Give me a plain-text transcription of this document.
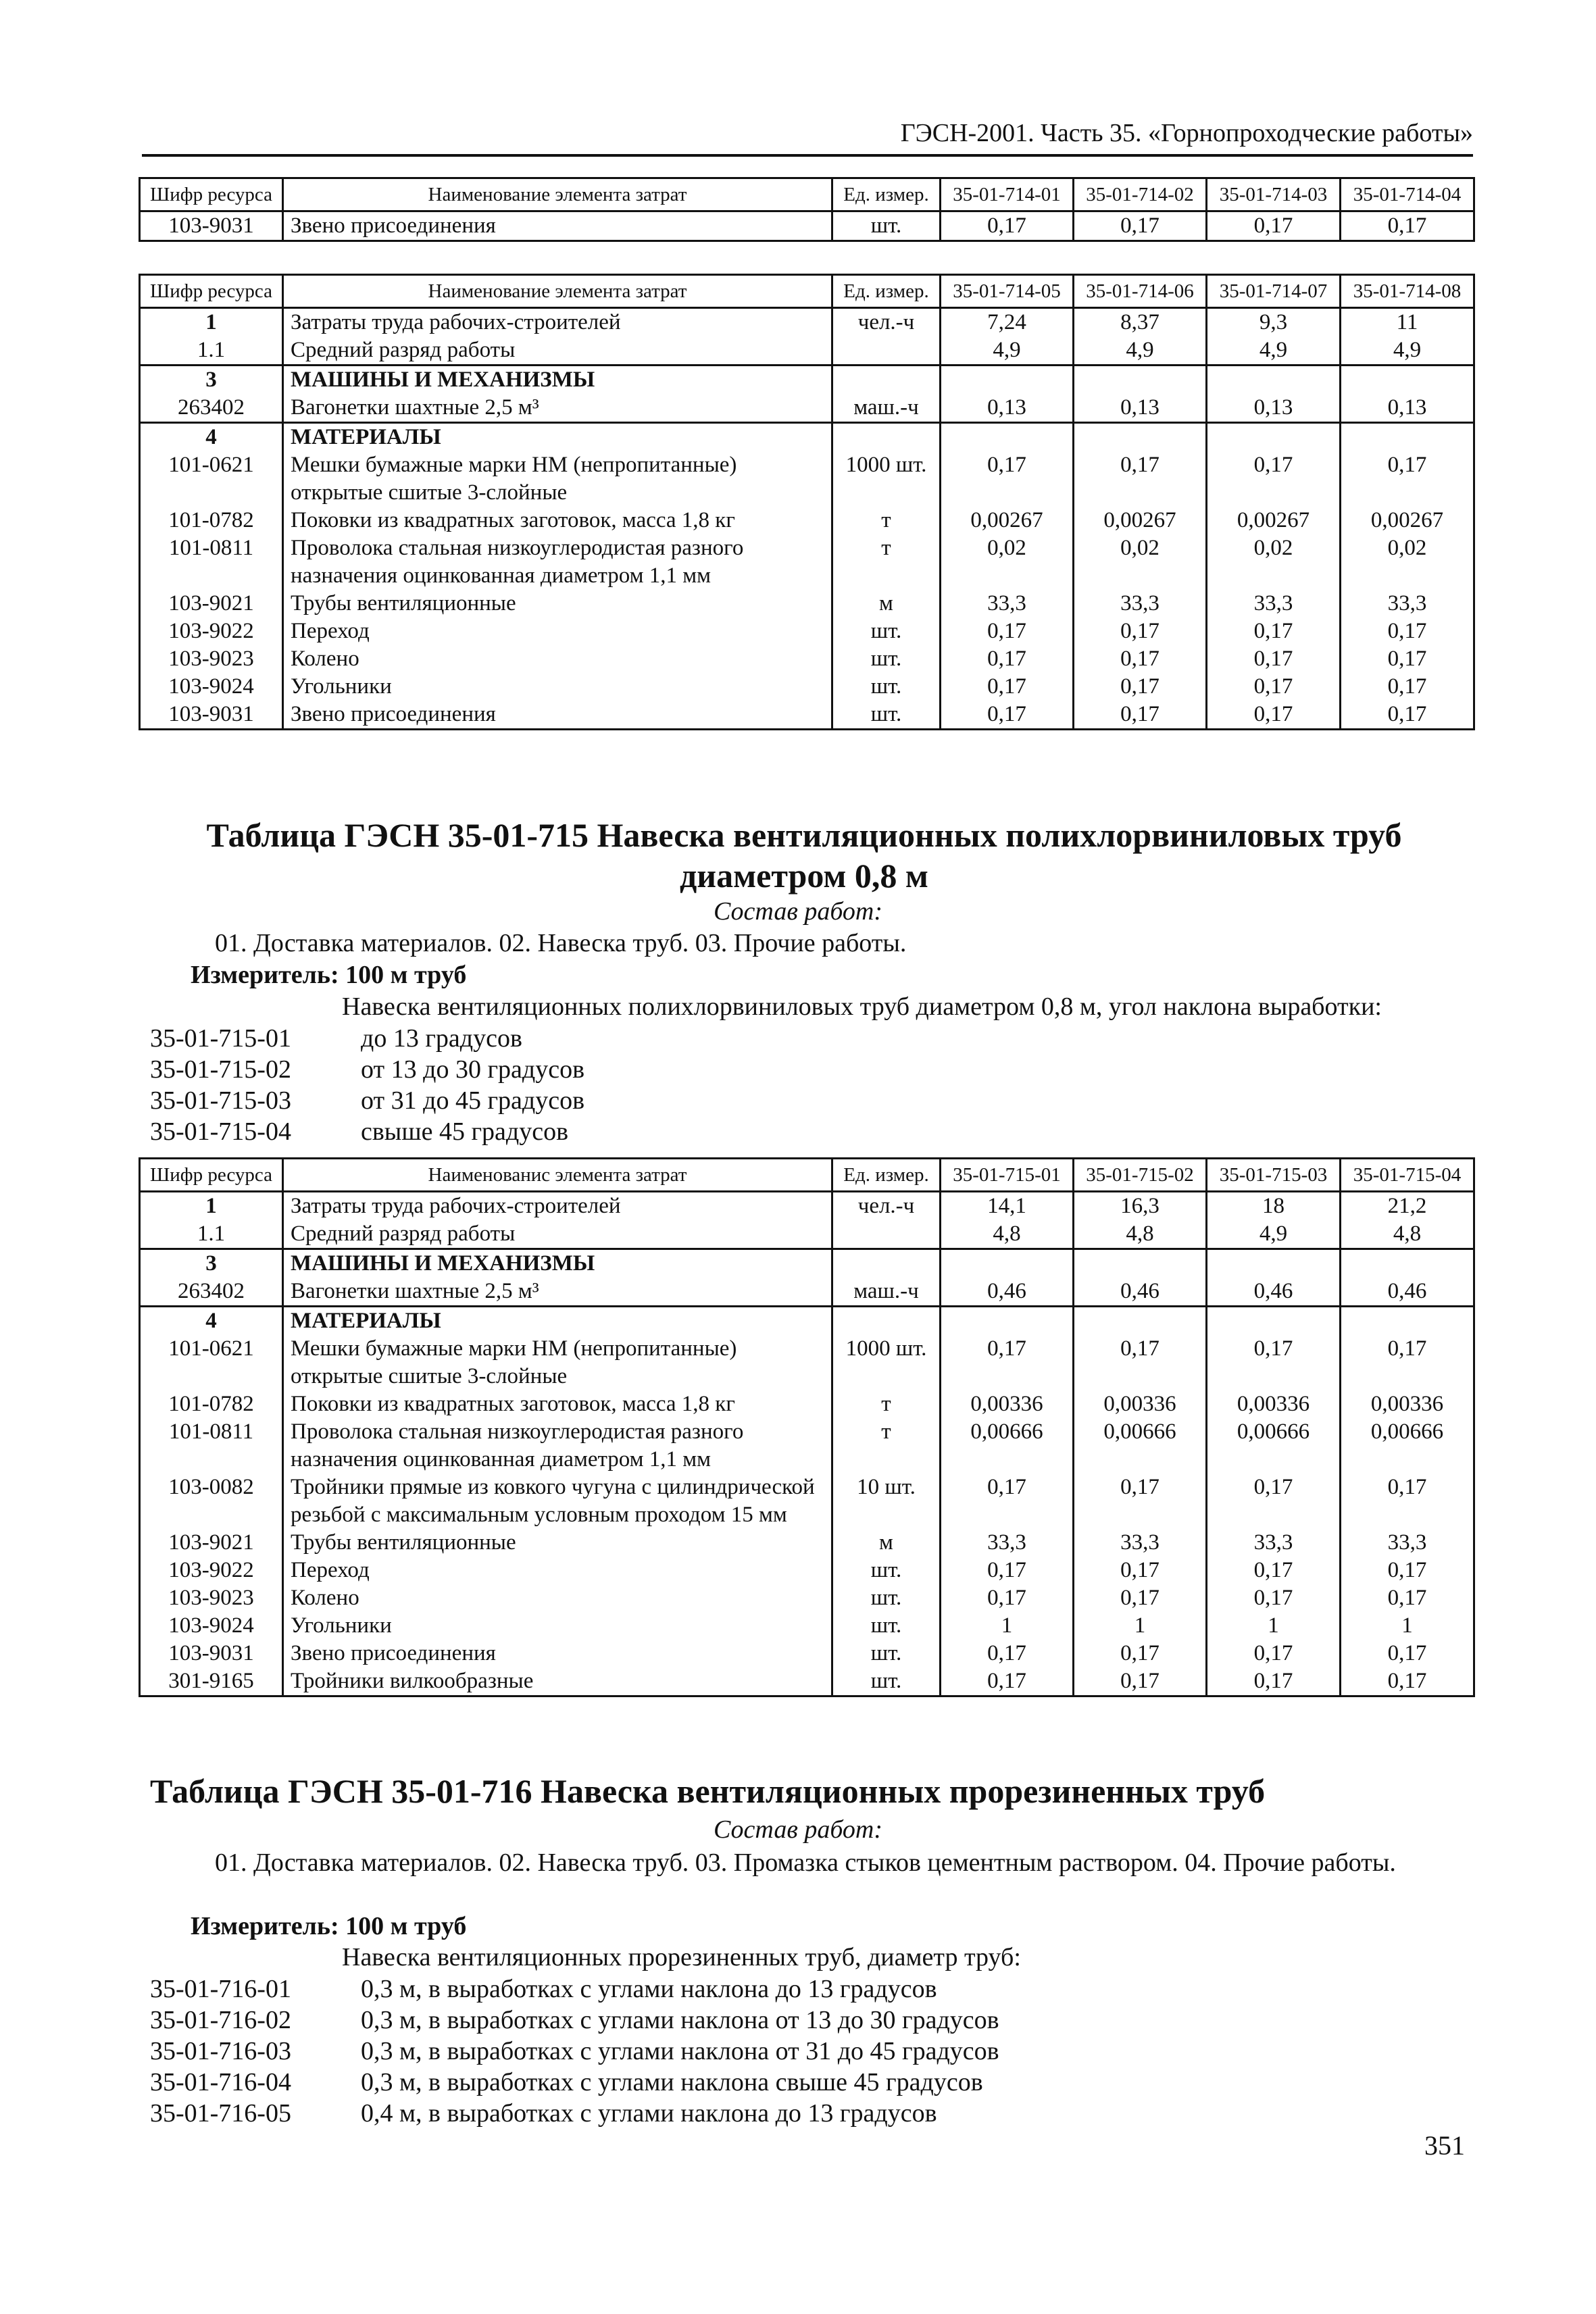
ГЭСН-2001. Часть 35. «Горнопроходческие работы»
Шифр ресурса	Наименование элемента затрат	Ед. измер.	35-01-714-01	35-01-714-02	35-01-714-03	35-01-714-04
103-9031	Звено присоединения	шт.	0,17	0,17	0,17	0,17
Шифр ресурса	Наименование элемента затрат	Ед. измер.	35-01-714-05	35-01-714-06	35-01-714-07	35-01-714-08
1	Затраты труда рабочих-строителей	чел.-ч	7,24	8,37	9,3	11
1.1	Средний разряд работы		4,9	4,9	4,9	4,9
3	МАШИНЫ И МЕХАНИЗМЫ					
263402	Вагонетки шахтные 2,5 м³	маш.-ч	0,13	0,13	0,13	0,13
4	МАТЕРИАЛЫ					
101-0621	Мешки бумажные марки НМ (непропитанные) открытые сшитые 3-слойные	1000 шт.	0,17	0,17	0,17	0,17
101-0782	Поковки из квадратных заготовок, масса 1,8 кг	т	0,00267	0,00267	0,00267	0,00267
101-0811	Проволока стальная низкоуглеродистая разного назначения оцинкованная диаметром 1,1 мм	т	0,02	0,02	0,02	0,02
103-9021	Трубы вентиляционные	м	33,3	33,3	33,3	33,3
103-9022	Переход	шт.	0,17	0,17	0,17	0,17
103-9023	Колено	шт.	0,17	0,17	0,17	0,17
103-9024	Угольники	шт.	0,17	0,17	0,17	0,17
103-9031	Звено присоединения	шт.	0,17	0,17	0,17	0,17
Таблица ГЭСН 35-01-715 Навеска вентиляционных полихлорвиниловых труб
диаметром 0,8 м
Состав работ:
01. Доставка материалов. 02. Навеска труб. 03. Прочие работы.
Измеритель: 100 м труб
Навеска вентиляционных полихлорвиниловых труб диаметром 0,8 м, угол наклона выработки:
35-01-715-01	до 13 градусов
35-01-715-02	от 13 до 30 градусов
35-01-715-03	от 31 до 45 градусов
35-01-715-04	свыше 45 градусов
Шифр ресурса	Наименованис элемента затрат	Ед. измер.	35-01-715-01	35-01-715-02	35-01-715-03	35-01-715-04
1	Затраты труда рабочих-строителей	чел.-ч	14,1	16,3	18	21,2
1.1	Средний разряд работы		4,8	4,8	4,9	4,8
3	МАШИНЫ И МЕХАНИЗМЫ					
263402	Вагонетки шахтные 2,5 м³	маш.-ч	0,46	0,46	0,46	0,46
4	МАТЕРИАЛЫ					
101-0621	Мешки бумажные марки НМ (непропитанные) открытые сшитые 3-слойные	1000 шт.	0,17	0,17	0,17	0,17
101-0782	Поковки из квадратных заготовок, масса 1,8 кг	т	0,00336	0,00336	0,00336	0,00336
101-0811	Проволока стальная низкоуглеродистая разного назначения оцинкованная диаметром 1,1 мм	т	0,00666	0,00666	0,00666	0,00666
103-0082	Тройники прямые из ковкого чугуна с цилиндрической резьбой с максимальным условным проходом 15 мм	10 шт.	0,17	0,17	0,17	0,17
103-9021	Трубы вентиляционные	м	33,3	33,3	33,3	33,3
103-9022	Переход	шт.	0,17	0,17	0,17	0,17
103-9023	Колено	шт.	0,17	0,17	0,17	0,17
103-9024	Угольники	шт.	1	1	1	1
103-9031	Звено присоединения	шт.	0,17	0,17	0,17	0,17
301-9165	Тройники вилкообразные	шт.	0,17	0,17	0,17	0,17
Таблица ГЭСН 35-01-716 Навеска вентиляционных прорезиненных труб
Состав работ:
01. Доставка материалов. 02. Навеска труб. 03. Промазка стыков цементным раствором. 04. Прочие работы.
Измеритель: 100 м труб
Навеска вентиляционных прорезиненных труб, диаметр труб:
35-01-716-01	0,3 м, в выработках с углами наклона до 13 градусов
35-01-716-02	0,3 м, в выработках с углами наклона от 13 до 30 градусов
35-01-716-03	0,3 м, в выработках с углами наклона от 31 до 45 градусов
35-01-716-04	0,3 м, в выработках с углами наклона свыше 45 градусов
35-01-716-05	0,4 м, в выработках с углами наклона до 13 градусов
351
